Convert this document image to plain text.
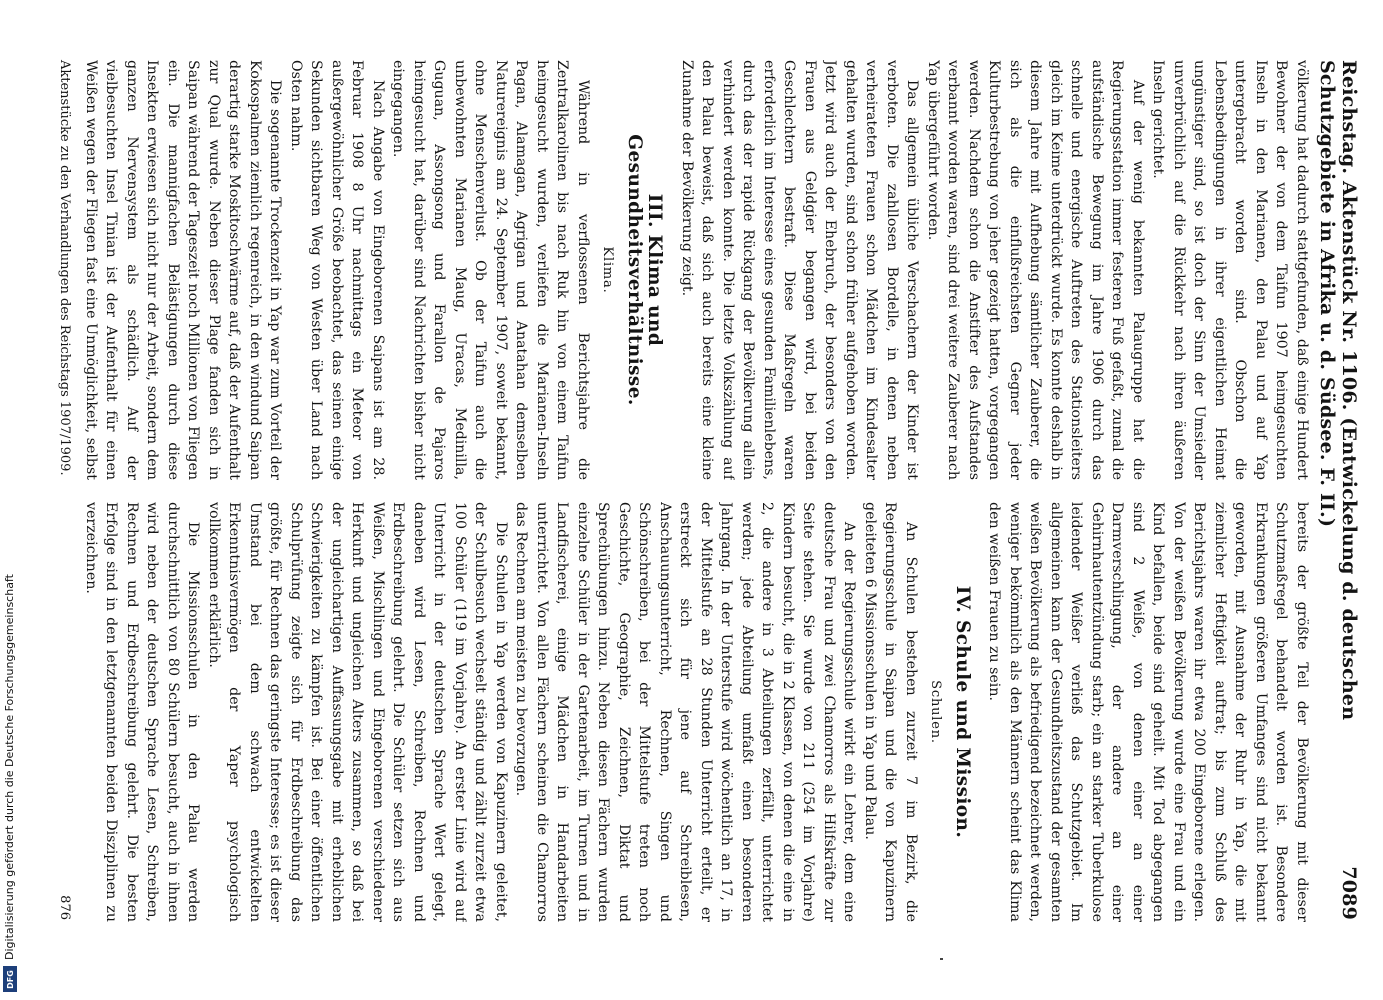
Reichstag. Aktenstück Nr. 1106. (Entwickelung d. deutschen Schutzgebiete in Afrika u. d. Südsee. F. II.)
7089

völkerung hat dadurch stattgefunden, daß einige Hundert Bewohner der von dem Taifun 1907 heimgesuchten Inseln in den Marianen, den Palau und auf Yap untergebracht worden sind. Obschon die Lebensbedingungen in ihrer eigentlichen Heimat ungünstiger sind, so ist doch der Sinn der Umsiedler unverbrüchlich auf die Rückkehr nach ihren äußeren Inseln gerichtet.

Auf der wenig bekannten Palaugruppe hat die Regierungsstation immer festeren Fuß gefaßt, zumal die aufständische Bewegung im Jahre 1906 durch das schnelle und energische Auftreten des Stationsleiters gleich im Keime unterdrückt wurde. Es konnte deshalb in diesem Jahre mit Aufhebung sämtlicher Zauberer, die sich als die einflußreichsten Gegner jeder Kulturbestrebung von jeher gezeigt hatten, vorgegangen werden. Nachdem schon die Anstifter des Aufstandes verbannt worden waren, sind drei weitere Zauberer nach Yap übergeführt worden.

Das allgemein übliche Verschachern der Kinder ist verboten. Die zahllosen Bordelle, in denen neben verheirateten Frauen schon Mädchen im Kindesalter gehalten wurden, sind schon früher aufgehoben worden. Jetzt wird auch der Ehebruch, der besonders von den Frauen aus Geldgier begangen wird, bei beiden Geschlechtern bestraft. Diese Maßregeln waren erforderlich im Interesse eines gesunden Familienlebens, durch das der rapide Rückgang der Bevölkerung allein verhindert werden konnte. Die letzte Volkszählung auf den Palau beweist, daß sich auch bereits eine kleine Zunahme der Bevölkerung zeigt.

III. Klima und Gesundheitsverhältnisse.
Klima.

Während in verflossenen Berichtsjahre die Zentralkarolinen bis nach Ruk hin von einem Taifun heimgesucht wurden, verliefen die Marianen-Inseln Pagan, Alamagan, Agrigan und Anatahan demselben Naturereignis am 24. September 1907, soweit bekannt, ohne Menschenverlust. Ob der Taifun auch die unbewohnten Marianen Maug, Uracas, Medinilla, Guguan, Assongsong und Farallon de Pajaros heimgesucht hat, darüber sind Nachrichten bisher nicht eingegangen.

Nach Angabe von Eingeborenen Saipans ist am 28. Februar 1908 8 Uhr nachmittags ein Meteor von außergewöhnlicher Größe beobachtet, das seinen einige Sekunden sichtbaren Weg von Westen über Land nach Osten nahm.

Die sogenannte Trockenzeit in Yap war zum Vorteil der Kokospalmen ziemlich regenreich, in den windund Saipan derartig starke Moskitoschwärme auf, daß der Aufenthalt zur Qual wurde. Neben dieser Plage fanden sich in Saipan während der Tageszeit noch Millionen von Fliegen ein. Die mannigfachen Belästigungen durch diese Insekten erwiesen sich nicht nur der Arbeit, sondern dem ganzen Nervensystem als schädlich. Auf der vielbesuchten Insel Tinian ist der Aufenthalt für einen Weißen wegen der Fliegen fast eine Unmöglichkeit, selbst

bereits der größte Teil der Bevölkerung mit dieser Schutzmaßregel behandelt worden ist. Besondere Erkrankungen größeren Umfanges sind nicht bekannt geworden, mit Ausnahme der Ruhr in Yap, die mit ziemlicher Heftigkeit auftrat; bis zum Schluß des Berichtsjahrs waren ihr etwa 200 Eingeborene erlegen. Von der weißen Bevölkerung wurde eine Frau und ein Kind befallen, beide sind geheilt. Mit Tod abgegangen sind 2 Weiße, von denen einer an einer Darmverschlingung, der andere an einer Gehirnhautentzündung starb; ein an starker Tuberkulose leidender Weißer verließ das Schutzgebiet. Im allgemeinen kann der Gesundheitszustand der gesamten weißen Bevölkerung als befriedigend bezeichnet werden, weniger bekömmlich als den Männern scheint das Klima den weißen Frauen zu sein.

IV. Schule und Mission.
Schulen.

An Schulen bestehen zurzeit 7 im Bezirk, die Regierungsschule in Saipan und die von Kapuzinern geleiteten 6 Missionsschulen in Yap und Palau.

An der Regierungsschule wirkt ein Lehrer, dem eine deutsche Frau und zwei Chamorros als Hilfskräfte zur Seite stehen. Sie wurde von 211 (254 im Vorjahre) Kindern besucht, die in 2 Klassen, von denen die eine in 2, die andere in 3 Abteilungen zerfällt, unterrichtet werden; jede Abteilung umfaßt einen besonderen Jahrgang. In der Unterstufe wird wöchentlich an 17, in der Mittelstufe an 28 Stunden Unterricht erteilt, er erstreckt sich für jene auf Schreiblesen, Anschauungsunterricht, Rechnen, Singen und Schönschreiben, bei der Mittelstufe treten noch Geschichte, Geographie, Zeichnen, Diktat und Sprechübungen hinzu. Neben diesen Fächern wurden einzelne Schüler in der Gartenarbeit, im Turnen und in Landfischerei, einige Mädchen in Handarbeiten unterrichtet. Von allen Fächern scheinen die Chamorros das Rechnen am meisten zu bevorzugen.

Die Schulen in Yap werden von Kapuzinern geleitet, der Schulbesuch wechselt ständig und zählt zurzeit etwa 100 Schüler (119 im Vorjahre). An erster Linie wird auf Unterricht in der deutschen Sprache Wert gelegt, daneben wird Lesen, Schreiben, Rechnen und Erdbeschreibung gelehrt. Die Schüler setzen sich aus Weißen, Mischlingen und Eingeborenen verschiedener Herkunft und ungleichen Alters zusammen, so daß bei der ungleichartigen Auffassungsgabe mit erheblichen Schwierigkeiten zu kämpfen ist. Bei einer öffentlichen Schulprüfung zeigte sich für Erdbeschreibung das größte, für Rechnen das geringste Interesse; es ist dieser Umstand bei dem schwach entwickelten Erkenntnisvermögen der Yaper psychologisch vollkommen erklärlich.

Die Missionsschulen in den Palau werden durchschnittlich von 80 Schülern besucht, auch in ihnen wird neben der deutschen Sprache Lesen, Schreiben, Rechnen und Erdbeschreibung gelehrt. Die besten Erfolge sind in den letztgenannten beiden Disziplinen zu verzeichnen.

Aktenstücke zu den Verhandlungen des Reichstags 1907/1909.
876
Digitalisierung gefördert durch die Deutsche Forschungsgemeinschaft
DFG
